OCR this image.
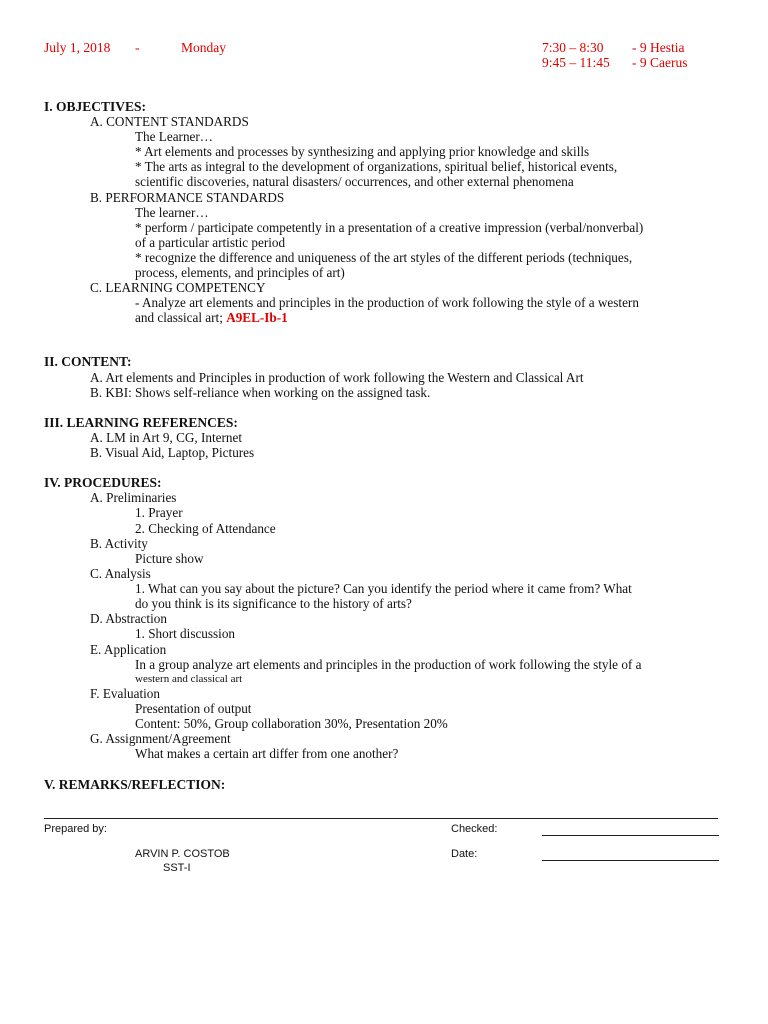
July 1, 2018 -	Monday	7:30 – 8:30 - 9 Hestia
9:45 – 11:45 - 9 Caerus
I. OBJECTIVES:
A. CONTENT STANDARDS
The Learner…
* Art elements and processes by synthesizing and applying prior knowledge and skills
* The arts as integral to the development of organizations, spiritual belief, historical events,
scientific discoveries, natural disasters/ occurrences, and other external phenomena
B. PERFORMANCE STANDARDS
The learner…
* perform / participate competently in a presentation of a creative impression (verbal/nonverbal)
of a particular artistic period
* recognize the difference and uniqueness of the art styles of the different periods (techniques,
process, elements, and principles of art)
C. LEARNING COMPETENCY
- Analyze art elements and principles in the production of work following the style of a western
and classical art; A9EL-Ib-1
II. CONTENT:
A. Art elements and Principles in production of work following the Western and Classical Art
B. KBI: Shows self-reliance when working on the assigned task.
III. LEARNING REFERENCES:
A. LM in Art 9, CG, Internet
B. Visual Aid, Laptop, Pictures
IV. PROCEDURES:
A. Preliminaries
1. Prayer
2. Checking of Attendance
B. Activity
Picture show
C. Analysis
1. What can you say about the picture? Can you identify the period where it came from? What
do you think is its significance to the history of arts?
D. Abstraction
1. Short discussion
E. Application
In a group analyze art elements and principles in the production of work following the style of a
western and classical art
F. Evaluation
Presentation of output
Content: 50%, Group collaboration 30%, Presentation 20%
G. Assignment/Agreement
What makes a certain art differ from one another?
V. REMARKS/REFLECTION:
Prepared by:	Checked:
ARVIN P. COSTOB	Date:
SST-I
